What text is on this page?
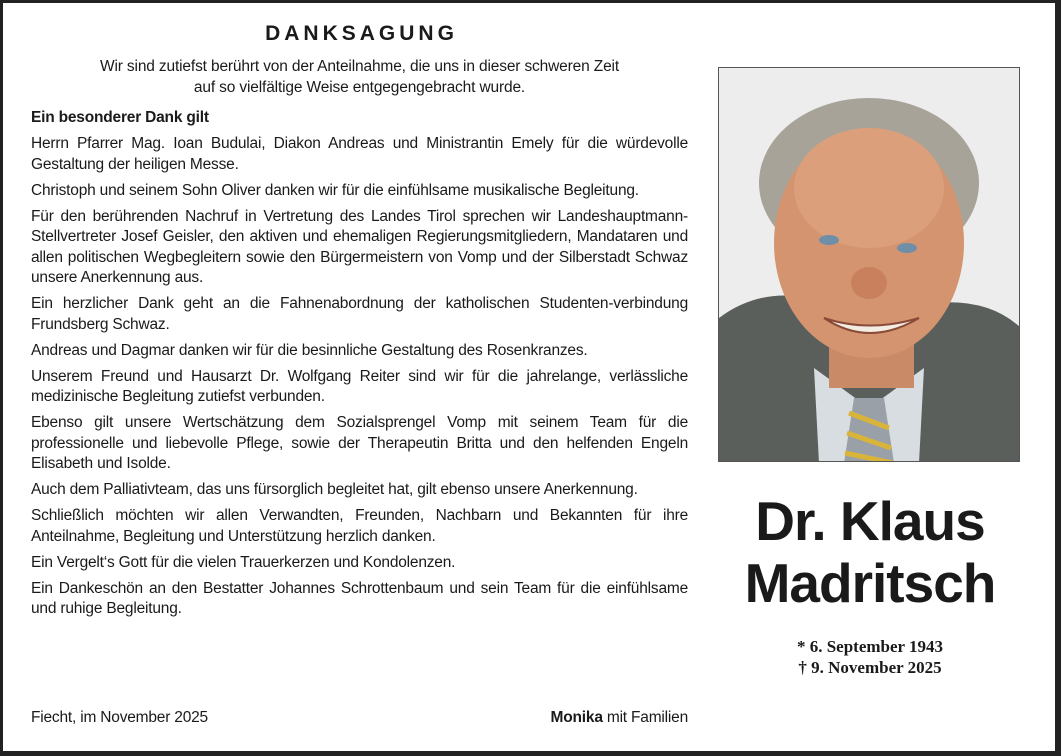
DANKSAGUNG
Wir sind zutiefst berührt von der Anteilnahme, die uns in dieser schweren Zeit
auf so vielfältige Weise entgegengebracht wurde.
Ein besonderer Dank gilt

Herrn Pfarrer Mag. Ioan Budulai, Diakon Andreas und Ministrantin Emely für die würdevolle Gestaltung der heiligen Messe.

Christoph und seinem Sohn Oliver danken wir für die einfühlsame musikalische Begleitung.

Für den berührenden Nachruf in Vertretung des Landes Tirol sprechen wir Landeshauptmann-Stellvertreter Josef Geisler, den aktiven und ehemaligen Regierungsmitgliedern, Mandataren und allen politischen Wegbegleitern sowie den Bürgermeistern von Vomp und der Silberstadt Schwaz unsere Anerkennung aus.

Ein herzlicher Dank geht an die Fahnenabordnung der katholischen Studenten-verbindung Frundsberg Schwaz.

Andreas und Dagmar danken wir für die besinnliche Gestaltung des Rosenkranzes.

Unserem Freund und Hausarzt Dr. Wolfgang Reiter sind wir für die jahrelange, verlässliche medizinische Begleitung zutiefst verbunden.

Ebenso gilt unsere Wertschätzung dem Sozialsprengel Vomp mit seinem Team für die professionelle und liebevolle Pflege, sowie der Therapeutin Britta und den helfenden Engeln Elisabeth und Isolde.

Auch dem Palliativteam, das uns fürsorglich begleitet hat, gilt ebenso unsere Anerkennung.

Schließlich möchten wir allen Verwandten, Freunden, Nachbarn und Bekannten für ihre Anteilnahme, Begleitung und Unterstützung herzlich danken.

Ein Vergelt‘s Gott für die vielen Trauerkerzen und Kondolenzen.

Ein Dankeschön an den Bestatter Johannes Schrottenbaum und sein Team für die einfühlsame und ruhige Begleitung.

Fiecht, im November 2025	Monika mit Familien
Dr. Klaus
Madritsch
* 6. September 1943
† 9. November 2025
